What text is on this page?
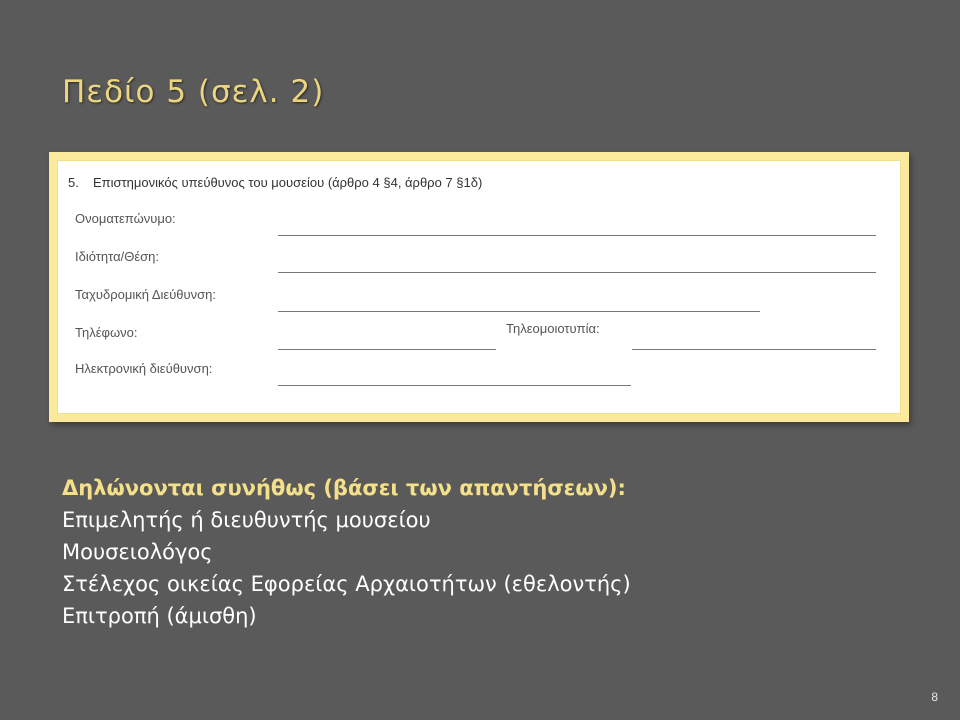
Πεδίο 5 (σελ. 2)
5. Επιστημονικός υπεύθυνος του μουσείου (άρθρο 4 §4, άρθρο 7 §1δ)
Ονοματεπώνυμο:
Ιδιότητα/Θέση:
Ταχυδρομική Διεύθυνση:
Τηλέφωνο:	Τηλεομοιοτυπία:
Ηλεκτρονική διεύθυνση:
Δηλώνονται συνήθως (βάσει των απαντήσεων):
Επιμελητής ή διευθυντής μουσείου
Μουσειολόγος
Στέλεχος οικείας Εφορείας Αρχαιοτήτων (εθελοντής)
Επιτροπή (άμισθη)
8
